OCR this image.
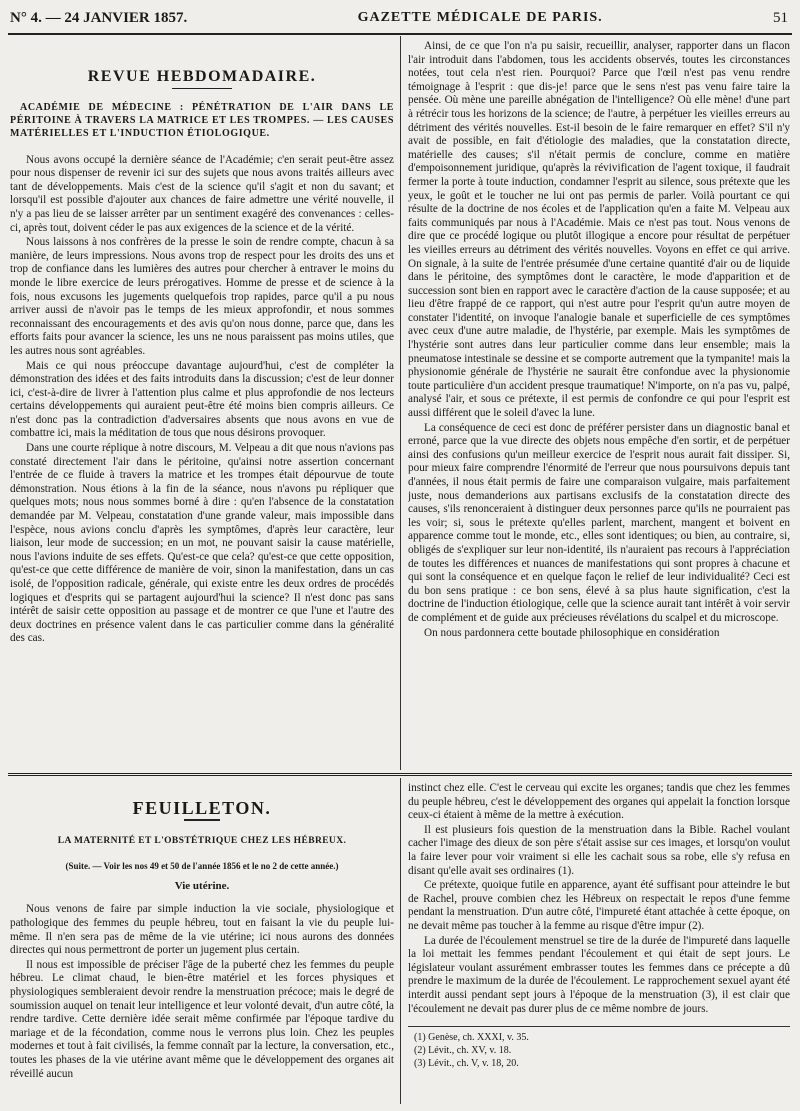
N° 4. — 24 JANVIER 1857.	GAZETTE MÉDICALE DE PARIS.	51
REVUE HEBDOMADAIRE.
ACADÉMIE DE MÉDECINE : PÉNÉTRATION DE L'AIR DANS LE PÉRITOINE À TRAVERS LA MATRICE ET LES TROMPES. — LES CAUSES MATÉRIELLES ET L'INDUCTION ÉTIOLOGIQUE.

Nous avons occupé la dernière séance de l'Académie; c'en serait peut-être assez pour nous dispenser de revenir ici sur des sujets que nous avons traités ailleurs avec tant de développements. Mais c'est de la science qu'il s'agit et non du savant; et lorsqu'il est possible d'ajouter aux chances de faire admettre une vérité nouvelle, il n'y a pas lieu de se laisser arrêter par un sentiment exagéré des convenances : celles-ci, après tout, doivent céder le pas aux exigences de la science et de la vérité.

Nous laissons à nos confrères de la presse le soin de rendre compte, chacun à sa manière, de leurs impressions. Nous avons trop de respect pour les droits des uns et trop de confiance dans les lumières des autres pour chercher à entraver le moins du monde le libre exercice de leurs prérogatives. Homme de presse et de science à la fois, nous excusons les jugements quelquefois trop rapides, parce qu'il a pu nous arriver aussi de n'avoir pas le temps de les mieux approfondir, et nous sommes reconnaissant des encouragements et des avis qu'on nous donne, parce que, dans les efforts faits pour avancer la science, les uns ne nous paraissent pas moins utiles, que les autres nous sont agréables.

Mais ce qui nous préoccupe davantage aujourd'hui, c'est de compléter la démonstration des idées et des faits introduits dans la discussion; c'est de leur donner ici, c'est-à-dire de livrer à l'attention plus calme et plus approfondie de nos lecteurs certains développements qui auraient peut-être été moins bien compris ailleurs. Ce n'est donc pas la contradiction d'adversaires absents que nous avons en vue de combattre ici, mais la méditation de tous que nous désirons provoquer.

Dans une courte réplique à notre discours, M. Velpeau a dit que nous n'avions pas constaté directement l'air dans le péritoine, qu'ainsi notre assertion concernant l'entrée de ce fluide à travers la matrice et les trompes était dépourvue de toute démonstration. Nous étions à la fin de la séance, nous n'avons pu répliquer que quelques mots; nous nous sommes borné à dire : qu'en l'absence de la constatation demandée par M. Velpeau, constatation d'une grande valeur, mais impossible dans l'espèce, nous avions conclu d'après les symptômes, d'après leur caractère, leur liaison, leur mode de succession; en un mot, ne pouvant saisir la cause matérielle, nous l'avions induite de ses effets. Qu'est-ce que cela? qu'est-ce que cette opposition, qu'est-ce que cette différence de manière de voir, sinon la manifestation, dans un cas isolé, de l'opposition radicale, générale, qui existe entre les deux ordres de procédés logiques et d'esprits qui se partagent aujourd'hui la science? Il n'est donc pas sans intérêt de saisir cette opposition au passage et de montrer ce que l'une et l'autre des deux doctrines en présence valent dans le cas particulier comme dans la généralité des cas.

Ainsi, de ce que l'on n'a pu saisir, recueillir, analyser, rapporter dans un flacon l'air introduit dans l'abdomen, tous les accidents observés, toutes les circonstances notées, tout cela n'est rien. Pourquoi? Parce que l'œil n'est pas venu rendre témoignage à l'esprit : que dis-je! parce que le sens n'est pas venu faire taire la pensée. Où mène une pareille abnégation de l'intelligence? Où elle mène! d'une part à rétrécir tous les horizons de la science; de l'autre, à perpétuer les vieilles erreurs au détriment des vérités nouvelles. Est-il besoin de le faire remarquer en effet? S'il n'y avait de possible, en fait d'étiologie des maladies, que la constatation directe, matérielle des causes; s'il n'était permis de conclure, comme en matière d'empoisonnement juridique, qu'après la révivification de l'agent toxique, il faudrait fermer la porte à toute induction, condamner l'esprit au silence, sous prétexte que les yeux, le goût et le toucher ne lui ont pas permis de parler. Voilà pourtant ce qui résulte de la doctrine de nos écoles et de l'application qu'en a faite M. Velpeau aux faits communiqués par nous à l'Académie. Mais ce n'est pas tout. Nous venons de dire que ce procédé logique ou plutôt illogique a encore pour résultat de perpétuer les vieilles erreurs au détriment des vérités nouvelles. Voyons en effet ce qui arrive. On signale, à la suite de l'entrée présumée d'une certaine quantité d'air ou de liquide dans le péritoine, des symptômes dont le caractère, le mode d'apparition et de succession sont bien en rapport avec le caractère d'action de la cause supposée; et au lieu d'être frappé de ce rapport, qui n'est autre pour l'esprit qu'un autre moyen de constater l'identité, on invoque l'analogie banale et superficielle de ces symptômes avec ceux d'une autre maladie, de l'hystérie, par exemple. Mais les symptômes de l'hystérie sont autres dans leur particulier comme dans leur ensemble; mais la pneumatose intestinale se dessine et se comporte autrement que la tympanite! mais la physionomie générale de l'hystérie ne saurait être confondue avec la physionomie toute particulière d'un accident presque traumatique! N'importe, on n'a pas vu, palpé, analysé l'air, et sous ce prétexte, il est permis de confondre ce qui pour l'esprit est aussi différent que le soleil d'avec la lune.

La conséquence de ceci est donc de préférer persister dans un diagnostic banal et erroné, parce que la vue directe des objets nous empêche d'en sortir, et de perpétuer ainsi des confusions qu'un meilleur exercice de l'esprit nous aurait fait dissiper. Si, pour mieux faire comprendre l'énormité de l'erreur que nous poursuivons depuis tant d'années, il nous était permis de faire une comparaison vulgaire, mais parfaitement juste, nous demanderions aux partisans exclusifs de la constatation directe des causes, s'ils renonceraient à distinguer deux personnes parce qu'ils ne pourraient pas les voir; si, sous le prétexte qu'elles parlent, marchent, mangent et boivent en apparence comme tout le monde, etc., elles sont identiques; ou bien, au contraire, si, obligés de s'expliquer sur leur non-identité, ils n'auraient pas recours à l'appréciation de toutes les différences et nuances de manifestations qui sont propres à chacune et qui sont la conséquence et en quelque façon le relief de leur individualité? Ceci est du bon sens pratique : ce bon sens, élevé à sa plus haute signification, c'est la doctrine de l'induction étiologique, celle que la science aurait tant intérêt à voir servir de complément et de guide aux précieuses révélations du scalpel et du microscope.

On nous pardonnera cette boutade philosophique en considération

FEUILLETON.
LA MATERNITÉ ET L'OBSTÉTRIQUE CHEZ LES HÉBREUX.
(Suite. — Voir les nos 49 et 50 de l'année 1856 et le no 2 de cette année.)
Vie utérine.

Nous venons de faire par simple induction la vie sociale, physiologique et pathologique des femmes du peuple hébreu, tout en faisant la vie du peuple lui-même. Il n'en sera pas de même de la vie utérine; ici nous aurons des données directes qui nous permettront de porter un jugement plus certain.

Il nous est impossible de préciser l'âge de la puberté chez les femmes du peuple hébreu. Le climat chaud, le bien-être matériel et les forces physiques et physiologiques sembleraient devoir rendre la menstruation précoce; mais le degré de soumission auquel on tenait leur intelligence et leur volonté devait, d'un autre côté, la rendre tardive. Cette dernière idée serait même confirmée par l'époque tardive du mariage et de la fécondation, comme nous le verrons plus loin. Chez les peuples modernes et tout à fait civilisés, la femme connaît par la lecture, la conversation, etc., toutes les phases de la vie utérine avant même que le développement des organes ait réveillé aucun

instinct chez elle. C'est le cerveau qui excite les organes; tandis que chez les femmes du peuple hébreu, c'est le développement des organes qui appelait la fonction lorsque ceux-ci étaient à même de la mettre à exécution.

Il est plusieurs fois question de la menstruation dans la Bible. Rachel voulant cacher l'image des dieux de son père s'était assise sur ces images, et lorsqu'on voulut la faire lever pour voir vraiment si elle les cachait sous sa robe, elle s'y refusa en disant qu'elle avait ses ordinaires (1).

Ce prétexte, quoique futile en apparence, ayant été suffisant pour atteindre le but de Rachel, prouve combien chez les Hébreux on respectait le repos d'une femme pendant la menstruation. D'un autre côté, l'impureté étant attachée à cette époque, on ne devait même pas toucher à la femme au risque d'être impur (2).

La durée de l'écoulement menstruel se tire de la durée de l'impureté dans laquelle la loi mettait les femmes pendant l'écoulement et qui était de sept jours. Le législateur voulant assurément embrasser toutes les femmes dans ce précepte a dû prendre le maximum de la durée de l'écoulement. Le rapprochement sexuel ayant été interdit aussi pendant sept jours à l'époque de la menstruation (3), il est clair que l'écoulement ne devait pas durer plus de ce même nombre de jours.

(1) Genèse, ch. XXXI, v. 35.
(2) Lévit., ch. XV, v. 18.
(3) Lévit., ch. V, v. 18, 20.
